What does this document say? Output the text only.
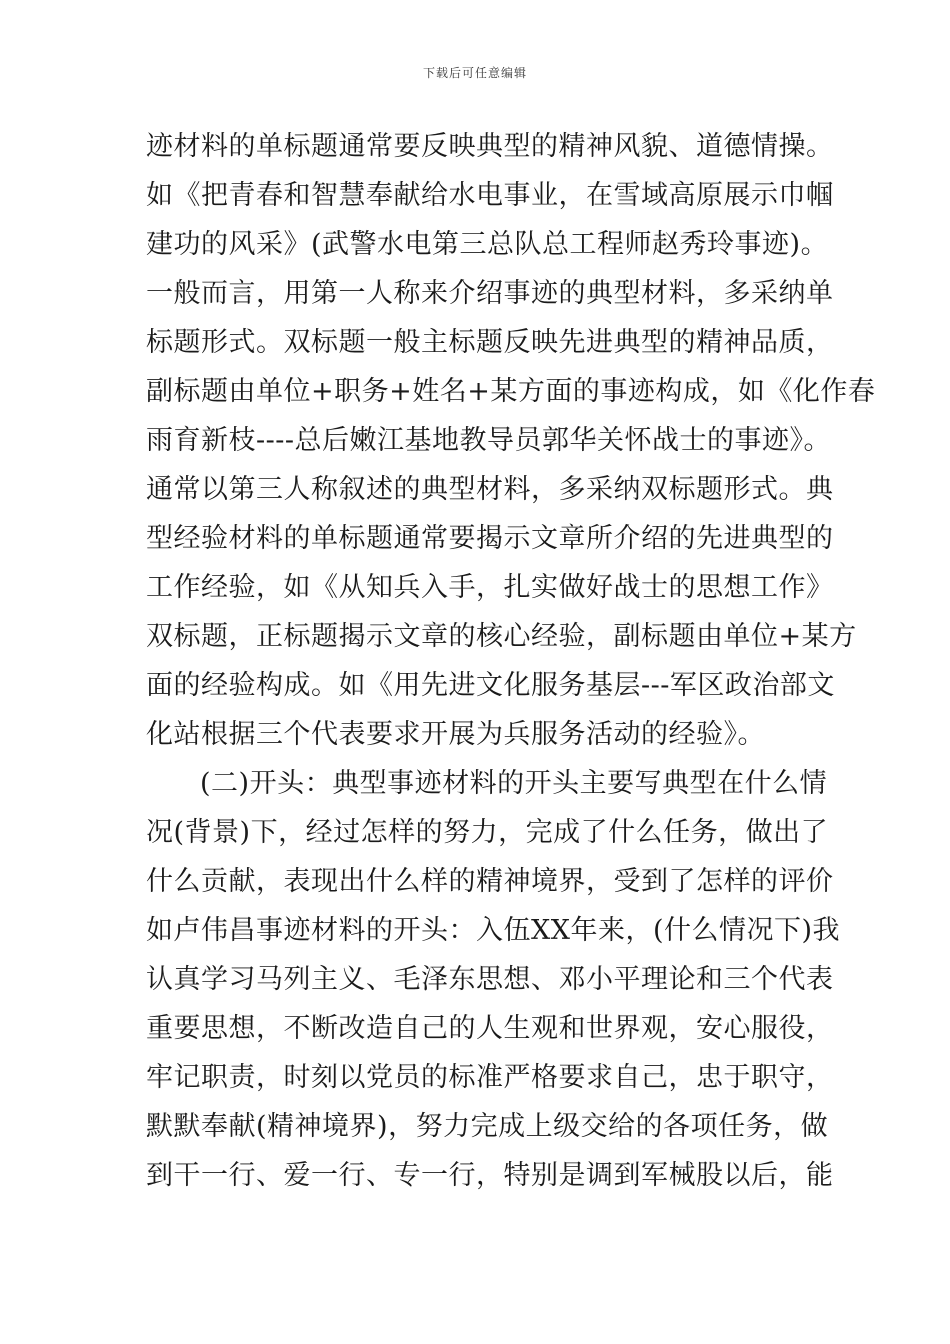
下载后可任意编辑
迹材料的单标题通常要反映典型的精神风貌、道德情操。
如《把青春和智慧奉献给水电事业，在雪域高原展示巾帼
建功的风采》(武警水电第三总队总工程师赵秀玲事迹)。
一般而言，用第一人称来介绍事迹的典型材料，多采纳单
标题形式。双标题一般主标题反映先进典型的精神品质，
副标题由单位+职务+姓名+某方面的事迹构成，如《化作春
雨育新枝----总后嫩江基地教导员郭华关怀战士的事迹》。
通常以第三人称叙述的典型材料，多采纳双标题形式。典
型经验材料的单标题通常要揭示文章所介绍的先进典型的
工作经验，如《从知兵入手，扎实做好战士的思想工作》
双标题，正标题揭示文章的核心经验，副标题由单位+某方
面的经验构成。如《用先进文化服务基层---军区政治部文
化站根据三个代表要求开展为兵服务活动的经验》。
(二)开头：典型事迹材料的开头主要写典型在什么情
况(背景)下，经过怎样的努力，完成了什么任务，做出了
什么贡献，表现出什么样的精神境界，受到了怎样的评价
如卢伟昌事迹材料的开头：入伍XX年来，(什么情况下)我
认真学习马列主义、毛泽东思想、邓小平理论和三个代表
重要思想，不断改造自己的人生观和世界观，安心服役，
牢记职责，时刻以党员的标准严格要求自己，忠于职守，
默默奉献(精神境界)，努力完成上级交给的各项任务，做
到干一行、爱一行、专一行，特别是调到军械股以后，能
